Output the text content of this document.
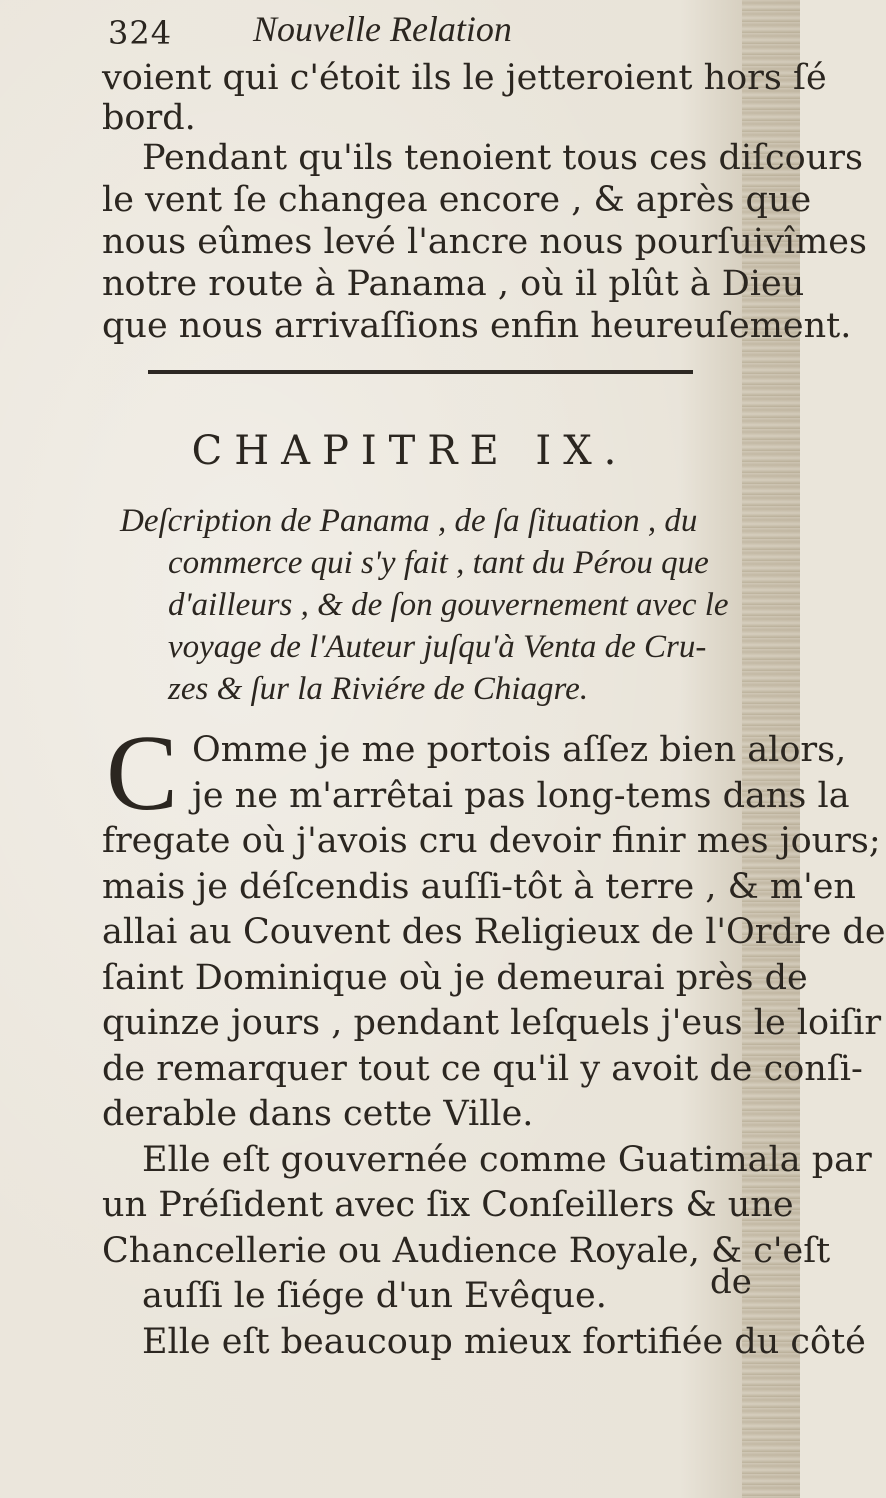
324 Nouvelle Relation
voient qui c'étoit ils le jetteroient hors ſé
bord.
Pendant qu'ils tenoient tous ces diſcours
le vent ſe changea encore , & après que
nous eûmes levé l'ancre nous pourſuivîmes
notre route à Panama , où il plût à Dieu
que nous arrivaſſions enfin heureuſement.
CHAPITRE IX.
Deſcription de Panama , de ſa ſituation , du
commerce qui s'y fait , tant du Pérou que
d'ailleurs , & de ſon gouvernement avec le
voyage de l'Auteur juſqu'à Venta de Cru-
zes & ſur la Riviére de Chiagre.
C Omme je me portois aſſez bien alors,
je ne m'arrêtai pas long-tems dans la
fregate où j'avois cru devoir finir mes jours;
mais je déſcendis auſſi-tôt à terre , & m'en
allai au Couvent des Religieux de l'Ordre de
ſaint Dominique où je demeurai près de
quinze jours , pendant leſquels j'eus le loiſir
de remarquer tout ce qu'il y avoit de conſi-
derable dans cette Ville.
Elle eſt gouvernée comme Guatimala par
un Préſident avec ſix Conſeillers & une
Chancellerie ou Audience Royale, & c'eſt
auſſi le ſiége d'un Evêque.
Elle eſt beaucoup mieux fortifiée du côté
de
